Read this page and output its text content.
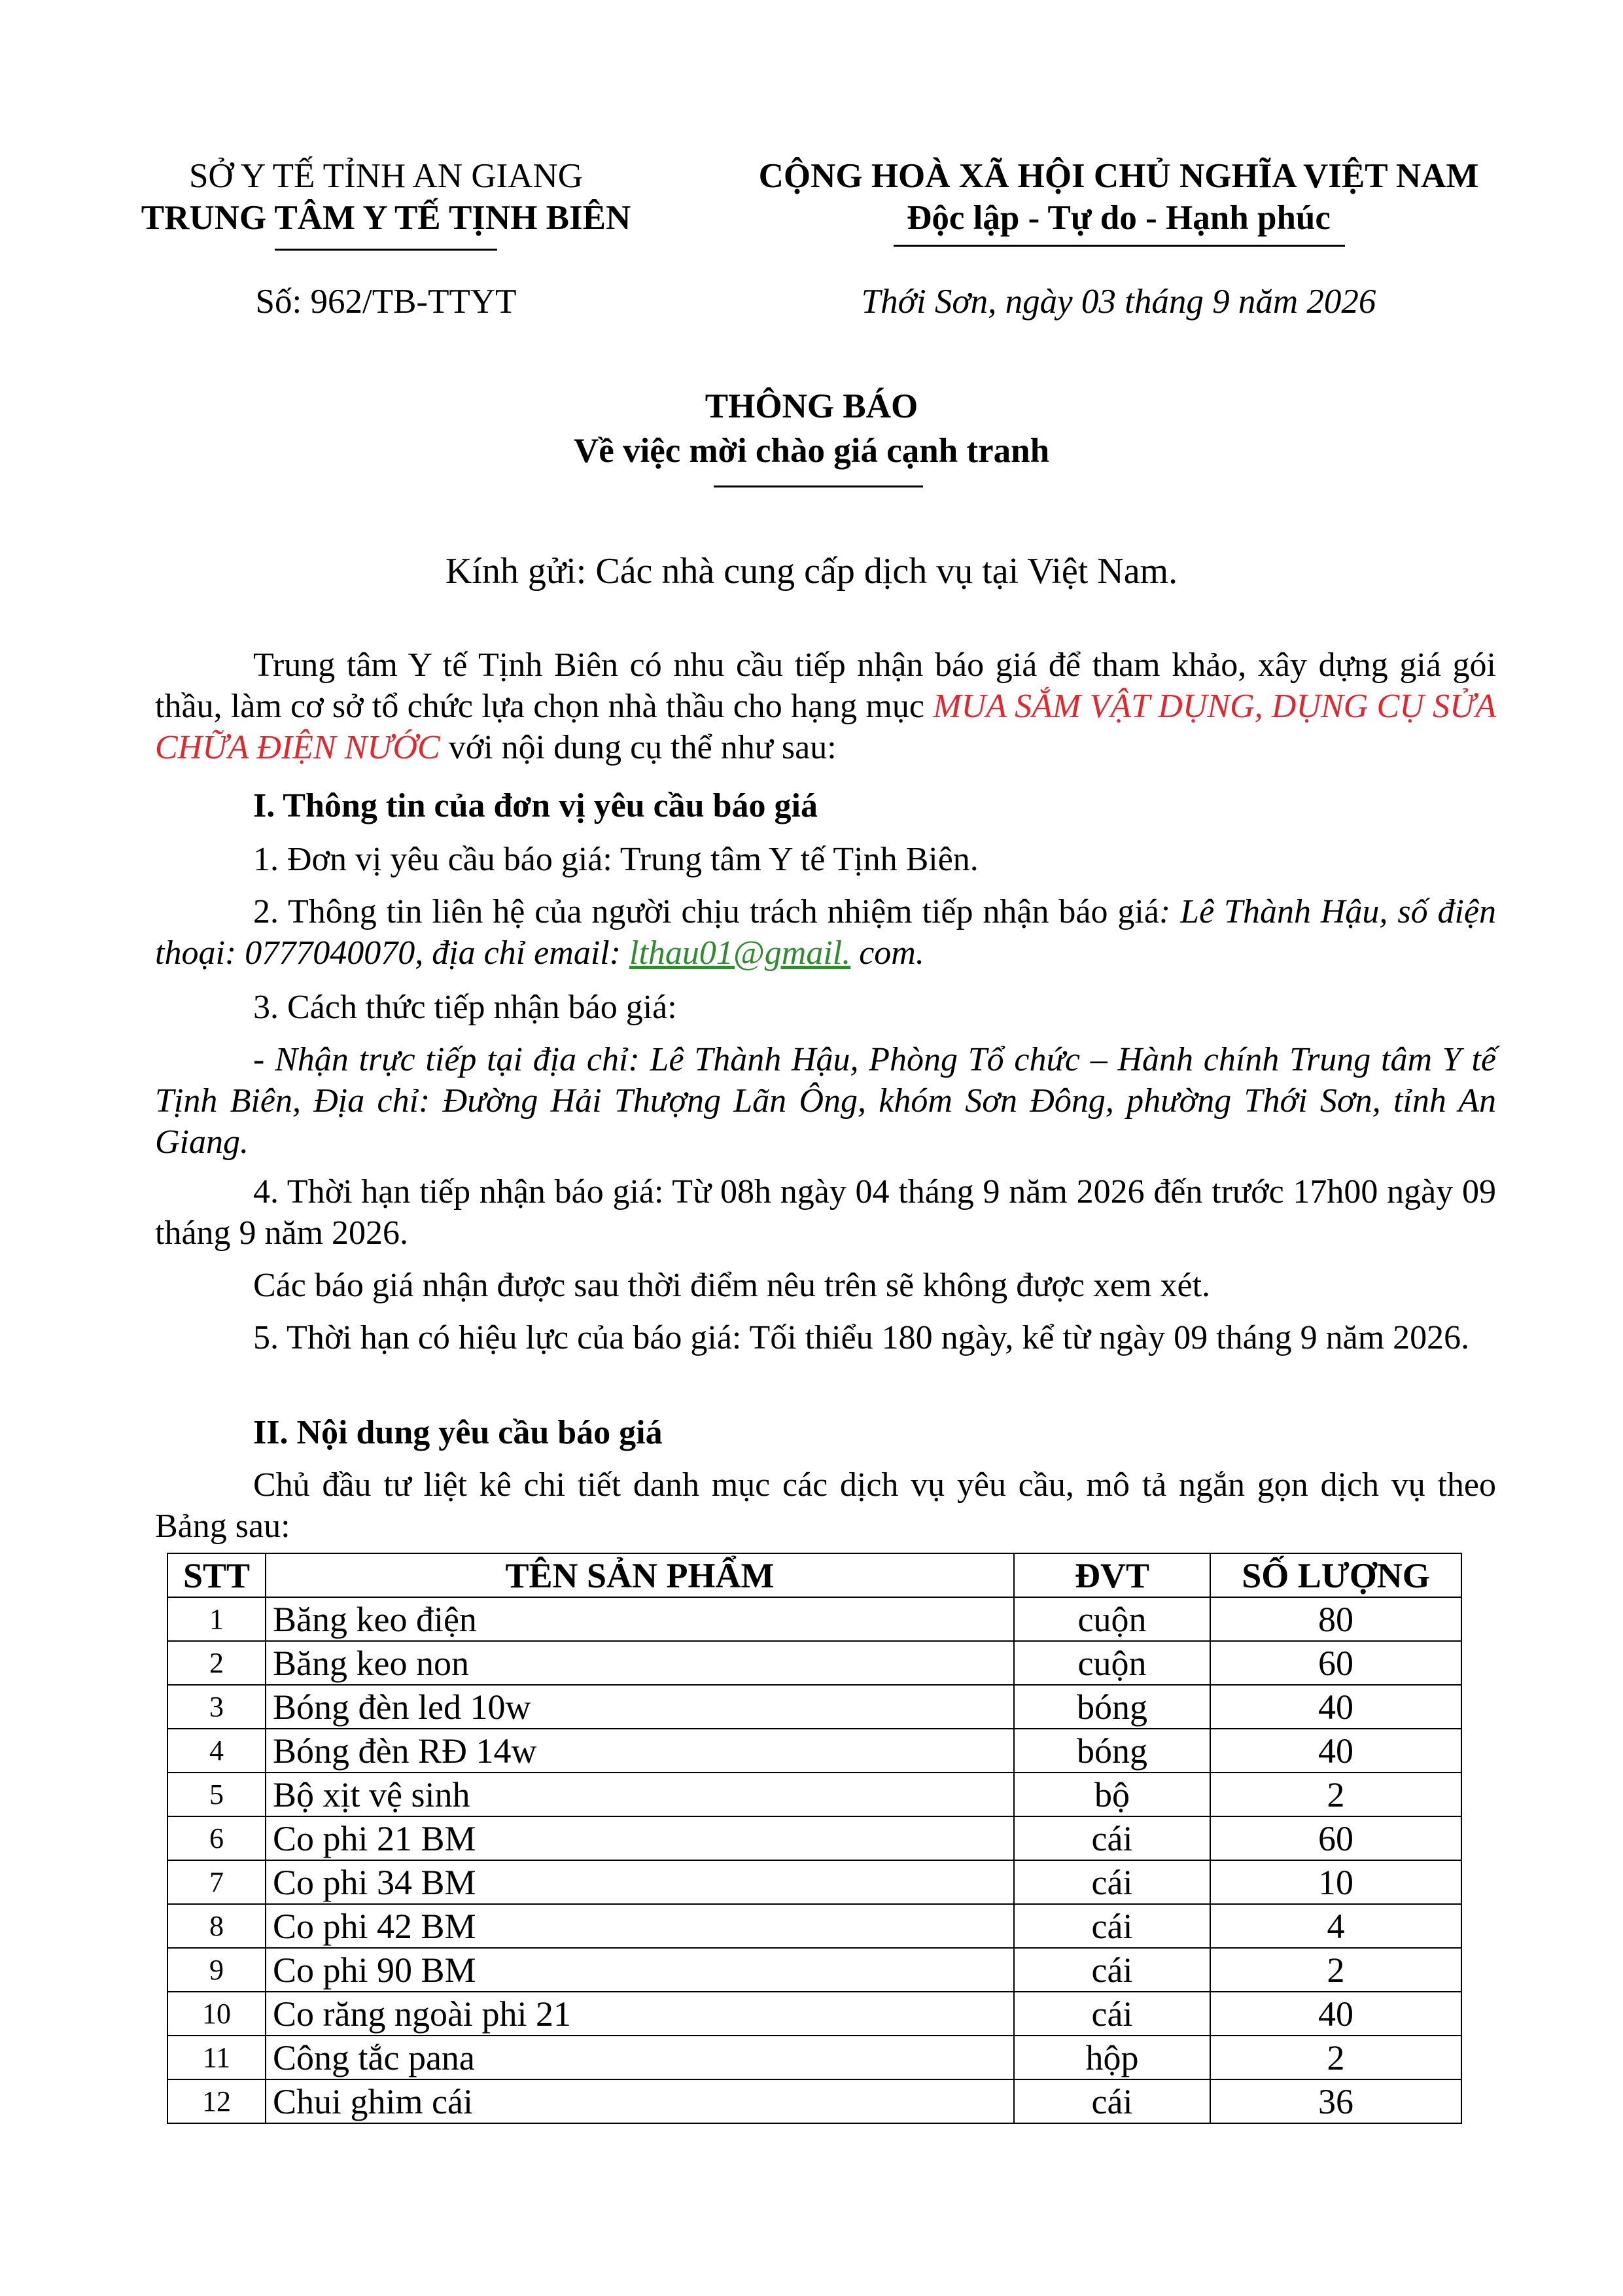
SỞ Y TẾ TỈNH AN GIANG
TRUNG TÂM Y TẾ TỊNH BIÊN
Số: 962/TB-TTYT
CỘNG HOÀ XÃ HỘI CHỦ NGHĨA VIỆT NAM
Độc lập - Tự do - Hạnh phúc
Thới Sơn, ngày 03 tháng 9 năm 2026
THÔNG BÁO
Về việc mời chào giá cạnh tranh
Kính gửi: Các nhà cung cấp dịch vụ tại Việt Nam.
Trung tâm Y tế Tịnh Biên có nhu cầu tiếp nhận báo giá để tham khảo, xây dựng giá gói thầu, làm cơ sở tổ chức lựa chọn nhà thầu cho hạng mục MUA SẮM VẬT DỤNG, DỤNG CỤ SỬA CHỮA ĐIỆN NƯỚC với nội dung cụ thể như sau:
I. Thông tin của đơn vị yêu cầu báo giá
1. Đơn vị yêu cầu báo giá: Trung tâm Y tế Tịnh Biên.
2. Thông tin liên hệ của người chịu trách nhiệm tiếp nhận báo giá: Lê Thành Hậu, số điện thoại: 0777040070, địa chỉ email: lthau01@gmail. com.
3. Cách thức tiếp nhận báo giá:
- Nhận trực tiếp tại địa chỉ: Lê Thành Hậu, Phòng Tổ chức – Hành chính Trung tâm Y tế Tịnh Biên, Địa chỉ: Đường Hải Thượng Lãn Ông, khóm Sơn Đông, phường Thới Sơn, tỉnh An Giang.
4. Thời hạn tiếp nhận báo giá: Từ 08h ngày 04 tháng 9 năm 2026 đến trước 17h00 ngày 09 tháng 9 năm 2026.
Các báo giá nhận được sau thời điểm nêu trên sẽ không được xem xét.
5. Thời hạn có hiệu lực của báo giá: Tối thiểu 180 ngày, kể từ ngày 09 tháng 9 năm 2026.
II. Nội dung yêu cầu báo giá
Chủ đầu tư liệt kê chi tiết danh mục các dịch vụ yêu cầu, mô tả ngắn gọn dịch vụ theo Bảng sau:
STT	TÊN SẢN PHẨM	ĐVT	SỐ LƯỢNG
1	Băng keo điện	cuộn	80
2	Băng keo non	cuộn	60
3	Bóng đèn led 10w	bóng	40
4	Bóng đèn RĐ 14w	bóng	40
5	Bộ xịt vệ sinh	bộ	2
6	Co phi 21 BM	cái	60
7	Co phi 34 BM	cái	10
8	Co phi 42 BM	cái	4
9	Co phi 90 BM	cái	2
10	Co răng ngoài phi 21	cái	40
11	Công tắc pana	hộp	2
12	Chui ghim cái	cái	36
